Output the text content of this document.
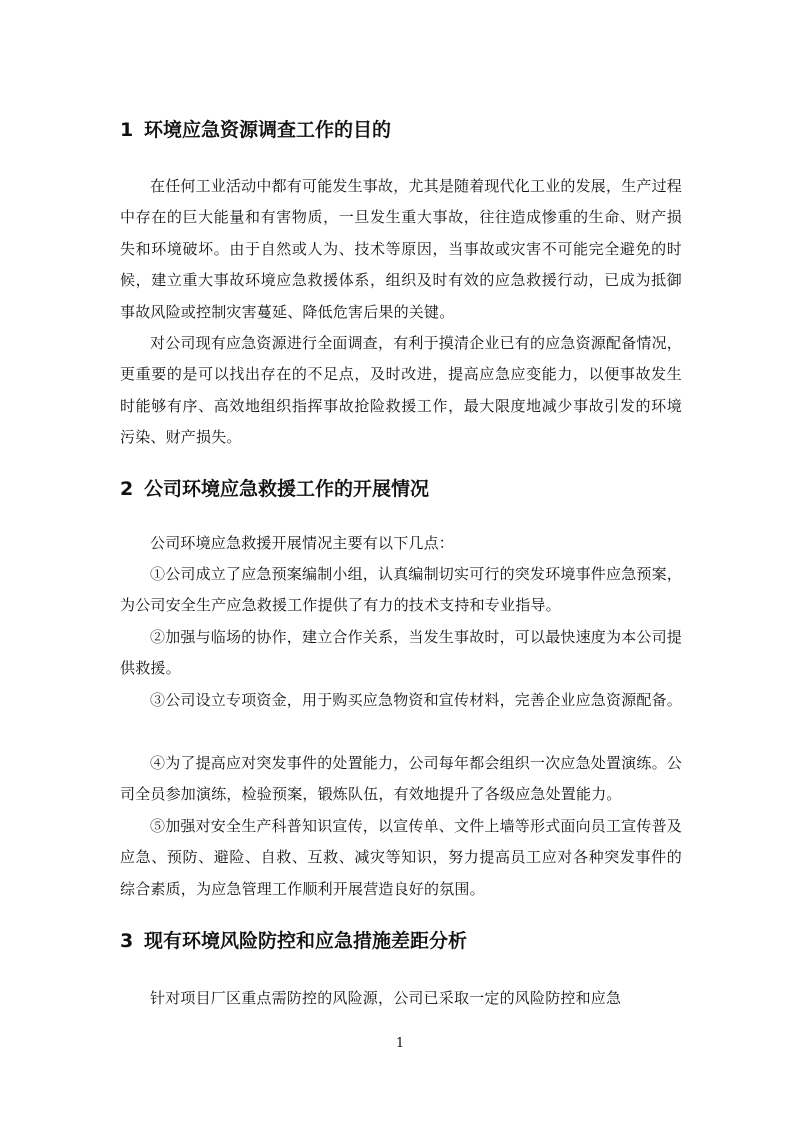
1 环境应急资源调查工作的目的

在任何工业活动中都有可能发生事故，尤其是随着现代化工业的发展，生产过程中存在的巨大能量和有害物质，一旦发生重大事故，往往造成惨重的生命、财产损失和环境破坏。由于自然或人为、技术等原因，当事故或灾害不可能完全避免的时候，建立重大事故环境应急救援体系，组织及时有效的应急救援行动，已成为抵御事故风险或控制灾害蔓延、降低危害后果的关键。

对公司现有应急资源进行全面调查，有利于摸清企业已有的应急资源配备情况，更重要的是可以找出存在的不足点，及时改进，提高应急应变能力，以便事故发生时能够有序、高效地组织指挥事故抢险救援工作，最大限度地减少事故引发的环境污染、财产损失。

2 公司环境应急救援工作的开展情况

公司环境应急救援开展情况主要有以下几点：

①公司成立了应急预案编制小组，认真编制切实可行的突发环境事件应急预案，为公司安全生产应急救援工作提供了有力的技术支持和专业指导。

②加强与临场的协作，建立合作关系，当发生事故时，可以最快速度为本公司提供救援。

③公司设立专项资金，用于购买应急物资和宣传材料，完善企业应急资源配备。

④为了提高应对突发事件的处置能力，公司每年都会组织一次应急处置演练。公司全员参加演练，检验预案，锻炼队伍，有效地提升了各级应急处置能力。

⑤加强对安全生产科普知识宣传，以宣传单、文件上墙等形式面向员工宣传普及应急、预防、避险、自救、互救、减灾等知识，努力提高员工应对各种突发事件的综合素质，为应急管理工作顺利开展营造良好的氛围。

3 现有环境风险防控和应急措施差距分析

针对项目厂区重点需防控的风险源，公司已采取一定的风险防控和应急

1
